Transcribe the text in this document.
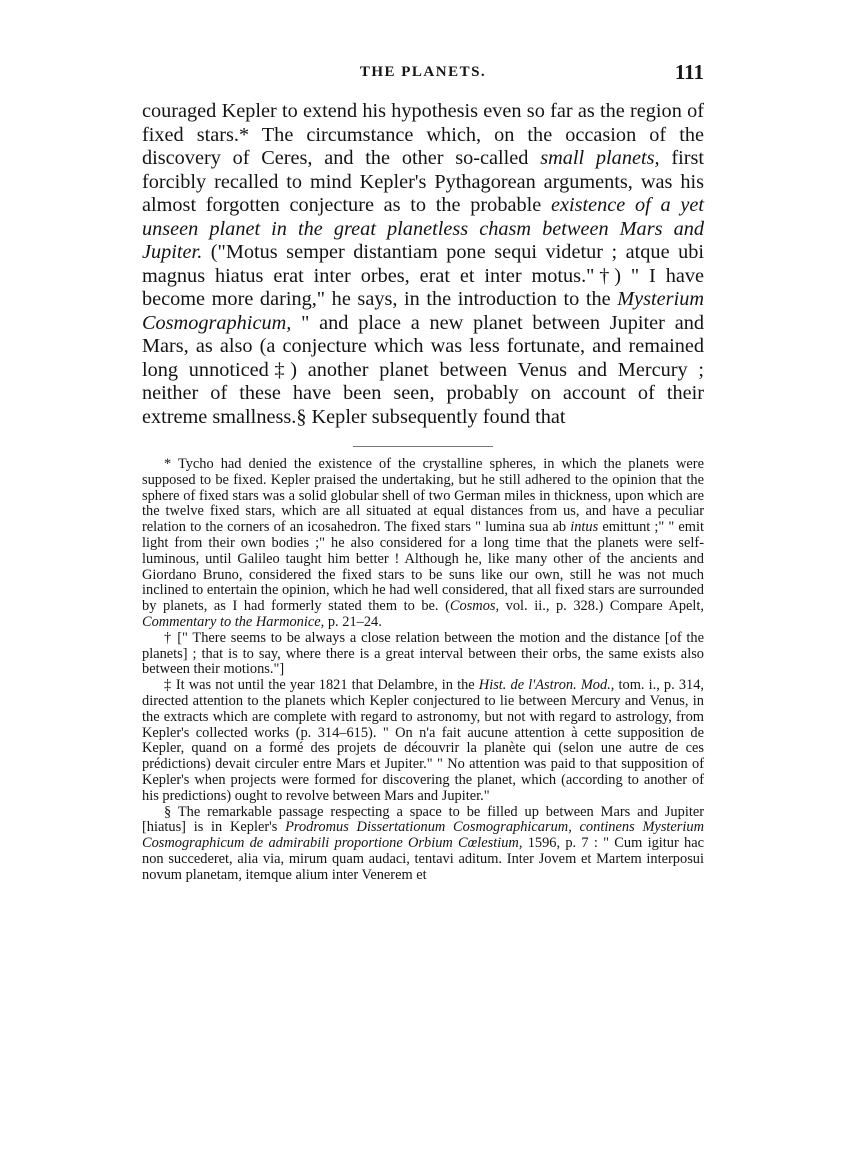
THE PLANETS.	111

couraged Kepler to extend his hypothesis even so far as the region of fixed stars.* The circumstance which, on the occasion of the discovery of Ceres, and the other so-called small planets, first forcibly recalled to mind Kepler's Pythagorean arguments, was his almost forgotten conjecture as to the probable existence of a yet unseen planet in the great planetless chasm between Mars and Jupiter. ("Motus semper distantiam pone sequi videtur ; atque ubi magnus hiatus erat inter orbes, erat et inter motus."†) " I have become more daring," he says, in the introduction to the Mysterium Cosmographicum, " and place a new planet between Jupiter and Mars, as also (a conjecture which was less fortunate, and remained long unnoticed‡) another planet between Venus and Mercury ; neither of these have been seen, probably on account of their extreme smallness.§ Kepler subsequently found that

* Tycho had denied the existence of the crystalline spheres, in which the planets were supposed to be fixed. Kepler praised the undertaking, but he still adhered to the opinion that the sphere of fixed stars was a solid globular shell of two German miles in thickness, upon which are the twelve fixed stars, which are all situated at equal distances from us, and have a peculiar relation to the corners of an icosahedron. The fixed stars " lumina sua ab intus emittunt ;" " emit light from their own bodies ;" he also considered for a long time that the planets were self-luminous, until Galileo taught him better ! Although he, like many other of the ancients and Giordano Bruno, considered the fixed stars to be suns like our own, still he was not much inclined to entertain the opinion, which he had well considered, that all fixed stars are surrounded by planets, as I had formerly stated them to be. (Cosmos, vol. ii., p. 328.) Compare Apelt, Commentary to the Harmonice, p. 21–24.

† [" There seems to be always a close relation between the motion and the distance [of the planets] ; that is to say, where there is a great interval between their orbs, the same exists also between their motions."]

‡ It was not until the year 1821 that Delambre, in the Hist. de l'Astron. Mod., tom. i., p. 314, directed attention to the planets which Kepler conjectured to lie between Mercury and Venus, in the extracts which are complete with regard to astronomy, but not with regard to astrology, from Kepler's collected works (p. 314–615). " On n'a fait aucune attention à cette supposition de Kepler, quand on a formé des projets de découvrir la planète qui (selon une autre de ces prédictions) devait circuler entre Mars et Jupiter." " No attention was paid to that supposition of Kepler's when projects were formed for discovering the planet, which (according to another of his predictions) ought to revolve between Mars and Jupiter."

§ The remarkable passage respecting a space to be filled up between Mars and Jupiter [hiatus] is in Kepler's Prodromus Dissertationum Cosmographicarum, continens Mysterium Cosmographicum de admirabili proportione Orbium Cœlestium, 1596, p. 7 : " Cum igitur hac non succederet, alia via, mirum quam audaci, tentavi aditum. Inter Jovem et Martem interposui novum planetam, itemque alium inter Venerem et
